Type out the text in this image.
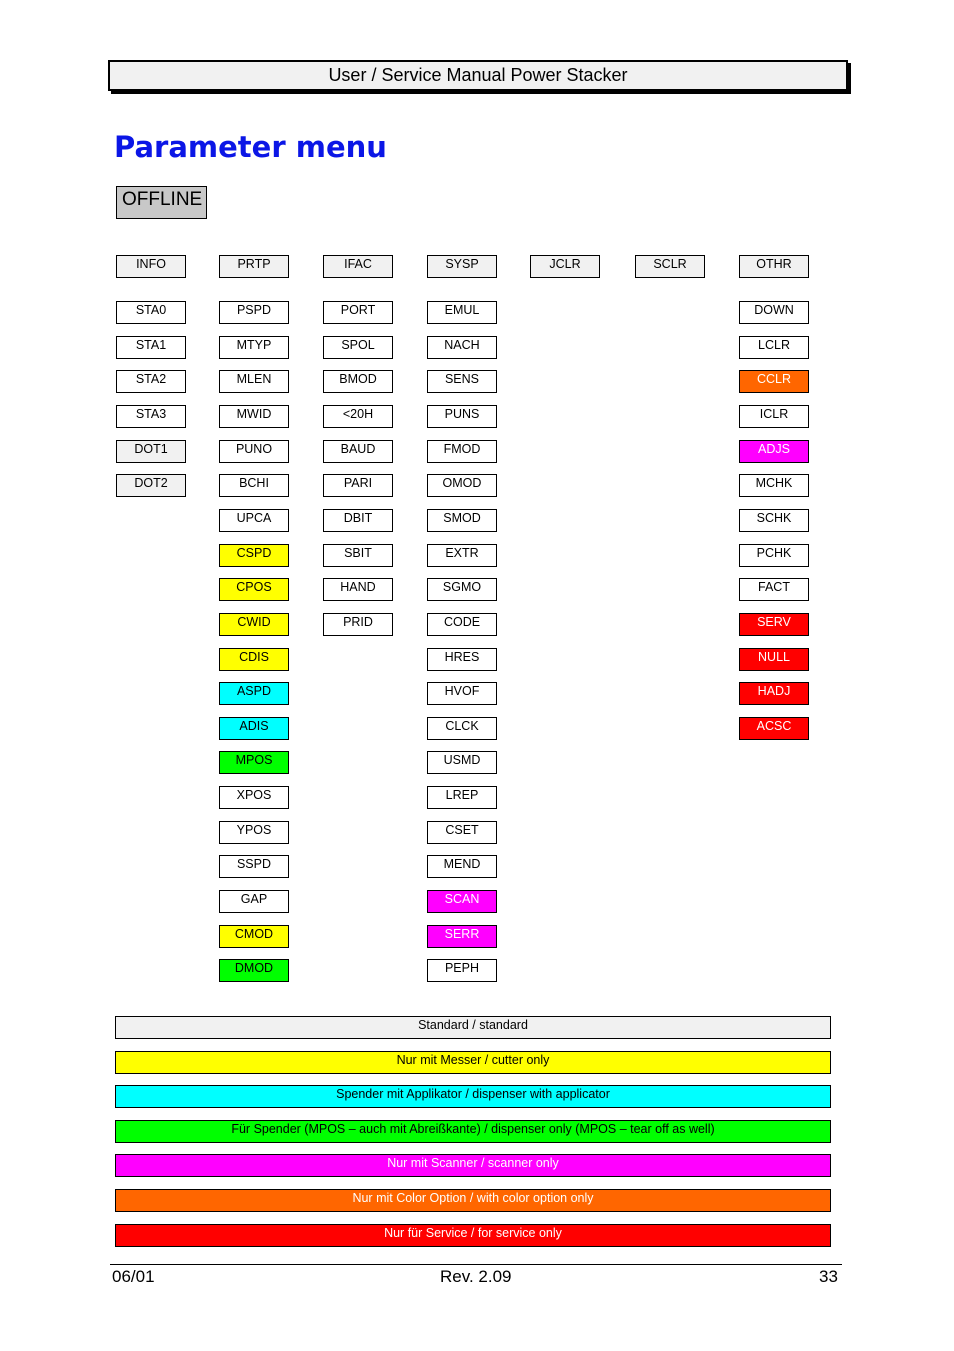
User / Service Manual Power Stacker
Parameter menu
OFFLINE
INFO
STA0
STA1
STA2
STA3
DOT1
DOT2
PRTP
PSPD
MTYP
MLEN
MWID
PUNO
BCHI
UPCA
CSPD
CPOS
CWID
CDIS
ASPD
ADIS
MPOS
XPOS
YPOS
SSPD
GAP
CMOD
DMOD
IFAC
PORT
SPOL
BMOD
<20H
BAUD
PARI
DBIT
SBIT
HAND
PRID
SYSP
EMUL
NACH
SENS
PUNS
FMOD
OMOD
SMOD
EXTR
SGMO
CODE
HRES
HVOF
CLCK
USMD
LREP
CSET
MEND
SCAN
SERR
PEPH
JCLR	SCLR	OTHR
DOWN
LCLR
CCLR
ICLR
ADJS
MCHK
SCHK
PCHK
FACT
SERV
NULL
HADJ
ACSC
Standard / standard
Nur mit Messer / cutter only
Spender mit Applikator / dispenser with applicator
Für Spender (MPOS – auch mit Abreißkante) / dispenser only (MPOS – tear off as well)
Nur mit Scanner / scanner only
Nur mit Color Option / with color option only
Nur für Service / for service only
06/01	Rev. 2.09	33
